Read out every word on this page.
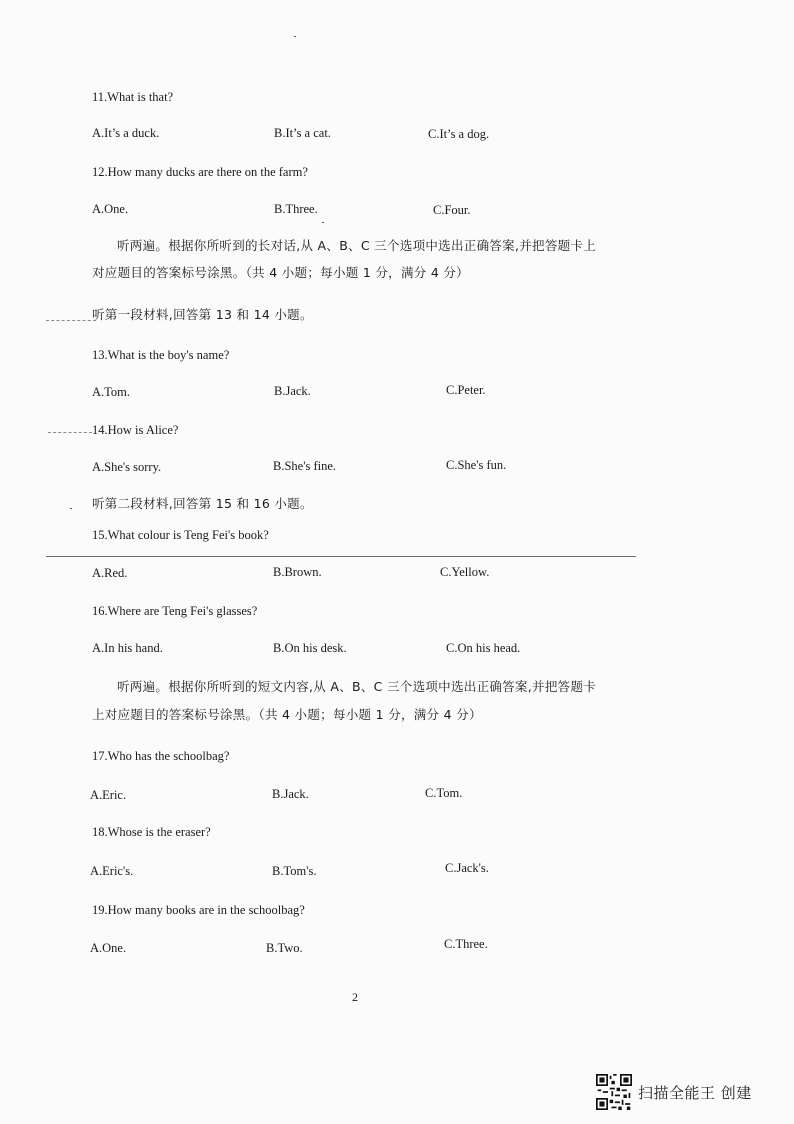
11.What is that?
A.It’s a duck.	B.It’s a cat.	C.It’s a dog.
12.How many ducks are there on the farm?
A.One.	B.Three.	C.Four.
听两遍。根据你所听到的长对话,从 A、B、C 三个选项中选出正确答案,并把答题卡上
对应题目的答案标号涂黑。（共 4 小题；每小题 1 分，满分 4 分）
听第一段材料,回答第 13 和 14 小题。
13.What is the boy's name?
A.Tom.	B.Jack.	C.Peter.
14.How is Alice?
A.She's sorry.	B.She's fine.	C.She's fun.
听第二段材料,回答第 15 和 16 小题。
15.What colour is Teng Fei's book?
A.Red.	B.Brown.	C.Yellow.
16.Where are Teng Fei's glasses?
A.In his hand.	B.On his desk.	C.On his head.
听两遍。根据你所听到的短文内容,从 A、B、C 三个选项中选出正确答案,并把答题卡
上对应题目的答案标号涂黑。（共 4 小题；每小题 1 分，满分 4 分）
17.Who has the schoolbag?
A.Eric.	B.Jack.	C.Tom.
18.Whose is the eraser?
A.Eric's.	B.Tom's.	C.Jack's.
19.How many books are in the schoolbag?
A.One.	B.Two.	C.Three.
2
扫描全能王 创建
